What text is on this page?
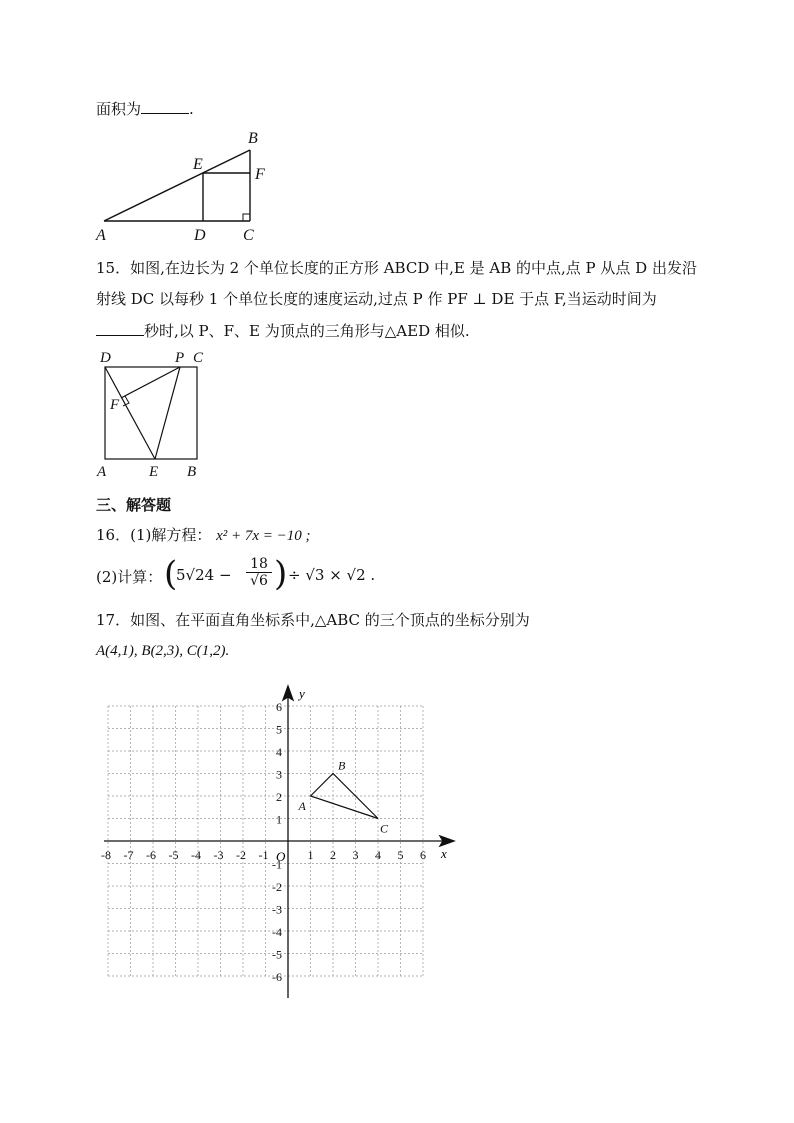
面积为	.
A
B
C
D
E
F
15．如图,在边长为 2 个单位长度的正方形 ABCD 中,E 是 AB 的中点,点 P 从点 D 出发沿
射线 DC 以每秒 1 个单位长度的速度运动,过点 P 作 PF ⊥ DE 于点 F,当运动时间为
秒时,以 P、F、E 为顶点的三角形与△AED 相似.
D	P C
F
A	E B
三、解答题
16．(1)解方程： x² + 7x = −10 ;
(2)计算： (
$5√24 - \frac{18}{√6}$ ) ÷ √3 × √2 .
17．如图、在平面直角坐标系中,△ABC 的三个顶点的坐标分别为
A(4,1), B(2,3), C(1,2).
-8 -7 -6 -5 -4 -3 -2 -1	1 2 3 4 5 6
6
5
4
3
2
1
-1
-2
-3
-4
-5
-6
x
y
O
A
B
C
